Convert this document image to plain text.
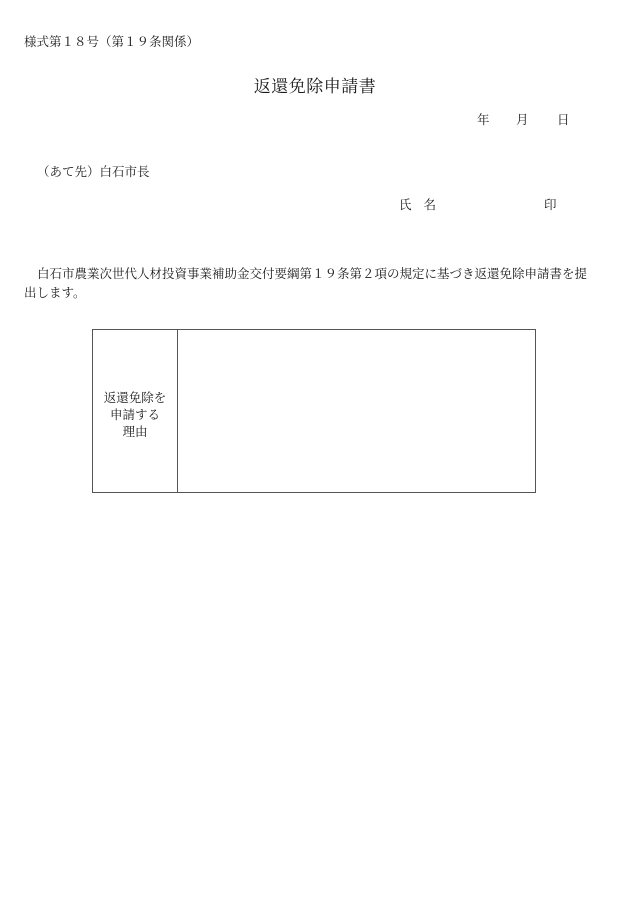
様式第１８号（第１９条関係）
返還免除申請書
年 月 日
（あて先）白石市長
氏名	印
白石市農業次世代人材投資事業補助金交付要綱第１９条第２項の規定に基づき返還免除申請書を提出します。
返還免除を
申請する
理由
